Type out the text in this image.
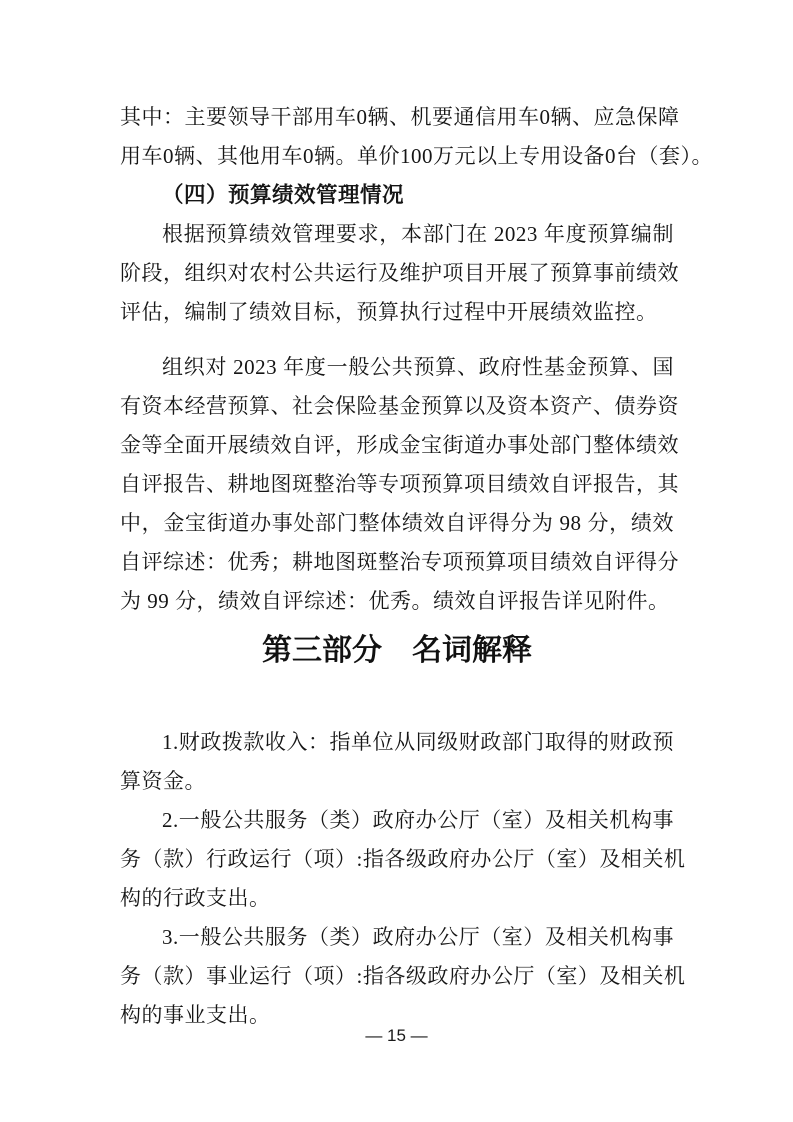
其中：主要领导干部用车0辆、机要通信用车0辆、应急保障
用车0辆、其他用车0辆。单价100万元以上专用设备0台（套）。
（四）预算绩效管理情况
根据预算绩效管理要求，本部门在 2023 年度预算编制
阶段，组织对农村公共运行及维护项目开展了预算事前绩效
评估，编制了绩效目标，预算执行过程中开展绩效监控。
组织对 2023 年度一般公共预算、政府性基金预算、国
有资本经营预算、社会保险基金预算以及资本资产、债券资
金等全面开展绩效自评，形成金宝街道办事处部门整体绩效
自评报告、耕地图斑整治等专项预算项目绩效自评报告，其
中，金宝街道办事处部门整体绩效自评得分为 98 分，绩效
自评综述：优秀；耕地图斑整治专项预算项目绩效自评得分
为 99 分，绩效自评综述：优秀。绩效自评报告详见附件。
第三部分　名词解释
1.财政拨款收入：指单位从同级财政部门取得的财政预
算资金。
2.一般公共服务（类）政府办公厅（室）及相关机构事
务（款）行政运行（项）:指各级政府办公厅（室）及相关机
构的行政支出。
3.一般公共服务（类）政府办公厅（室）及相关机构事
务（款）事业运行（项）:指各级政府办公厅（室）及相关机
构的事业支出。
— 15 —
